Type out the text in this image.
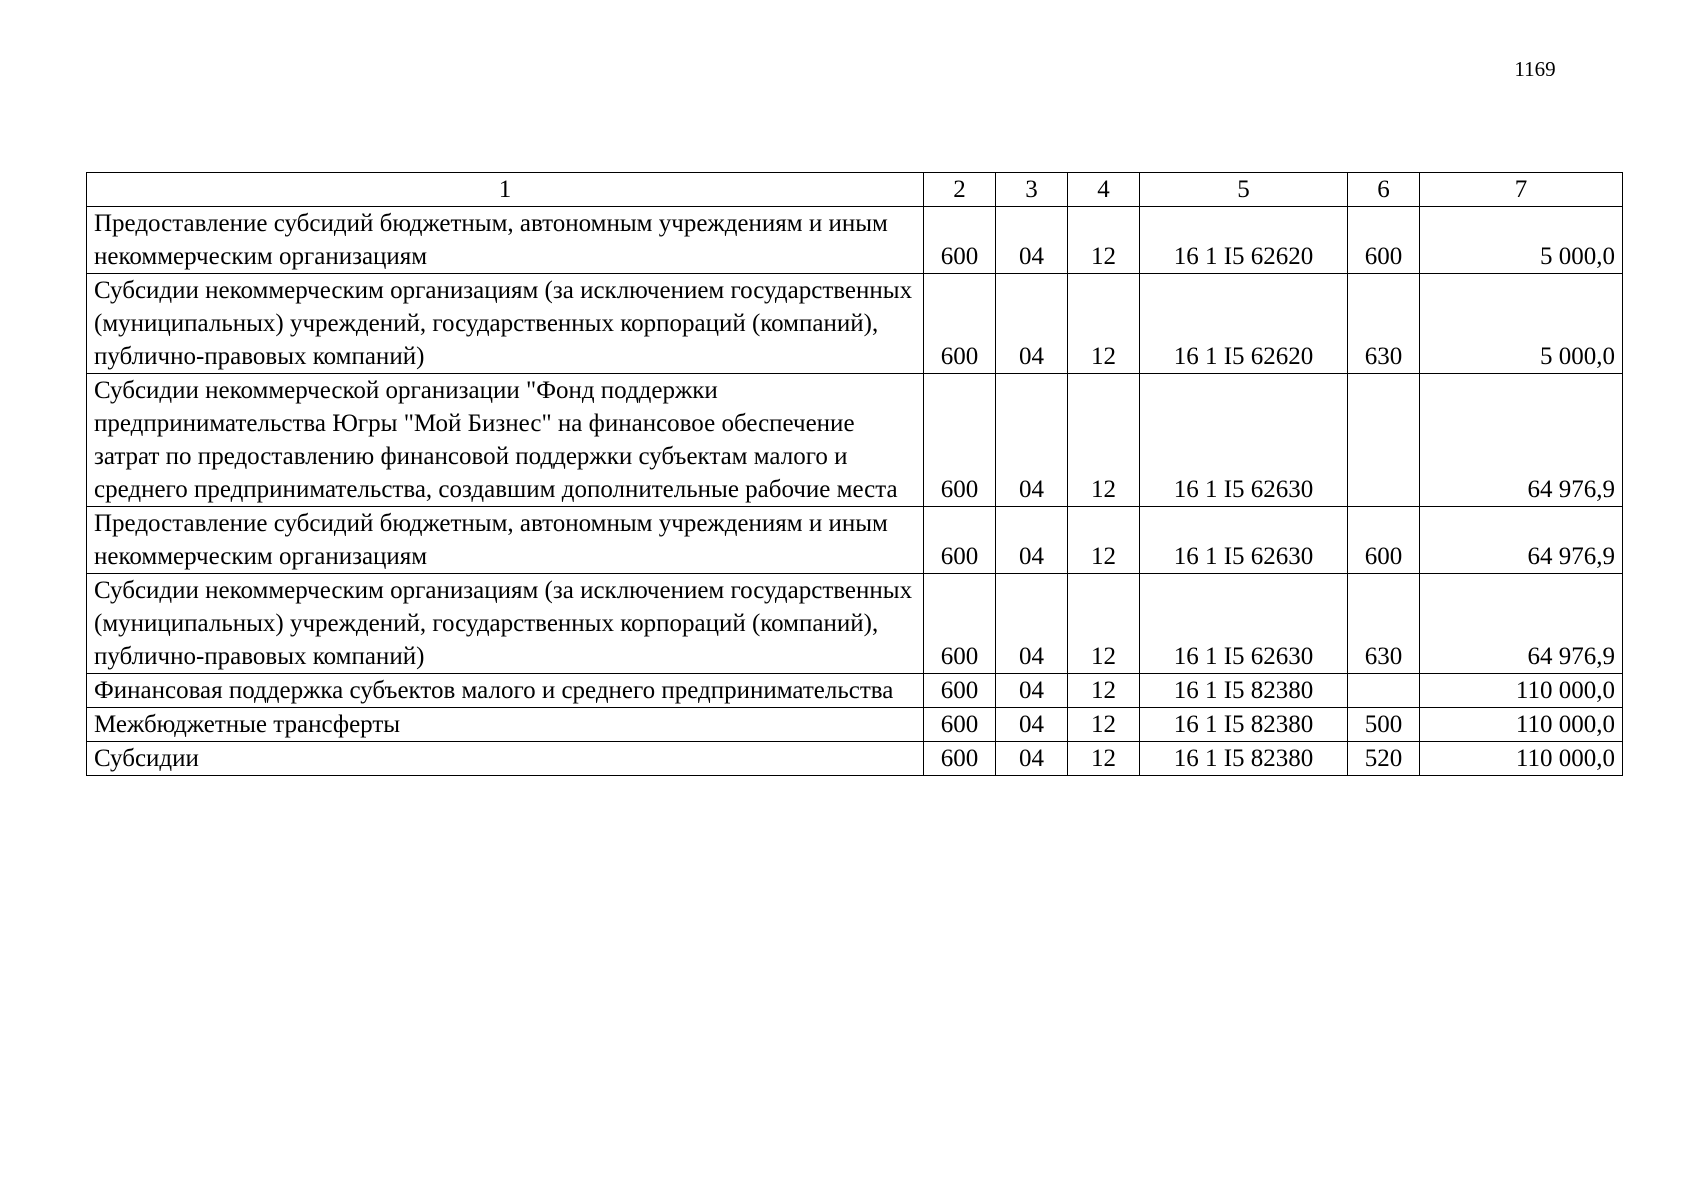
1169
1	2	3	4	5	6	7
Предоставление субсидий бюджетным, автономным учреждениям и иным некоммерческим организациям	600	04	12	16 1 I5 62620	600	5 000,0
Субсидии некоммерческим организациям (за исключением государственных (муниципальных) учреждений, государственных корпораций (компаний), публично-правовых компаний)	600	04	12	16 1 I5 62620	630	5 000,0
Субсидии некоммерческой организации "Фонд поддержки предпринимательства Югры "Мой Бизнес" на финансовое обеспечение затрат по предоставлению финансовой поддержки субъектам малого и среднего предпринимательства, создавшим дополнительные рабочие места	600	04	12	16 1 I5 62630		64 976,9
Предоставление субсидий бюджетным, автономным учреждениям и иным некоммерческим организациям	600	04	12	16 1 I5 62630	600	64 976,9
Субсидии некоммерческим организациям (за исключением государственных (муниципальных) учреждений, государственных корпораций (компаний), публично-правовых компаний)	600	04	12	16 1 I5 62630	630	64 976,9
Финансовая поддержка субъектов малого и среднего предпринимательства	600	04	12	16 1 I5 82380		110 000,0
Межбюджетные трансферты	600	04	12	16 1 I5 82380	500	110 000,0
Субсидии	600	04	12	16 1 I5 82380	520	110 000,0
